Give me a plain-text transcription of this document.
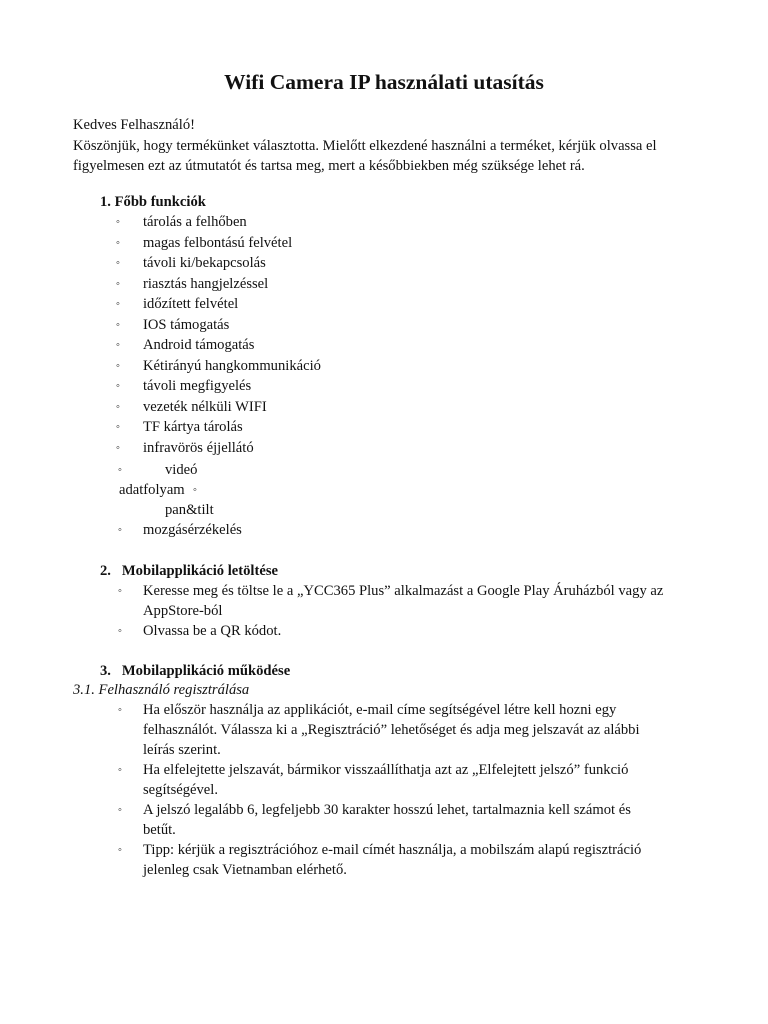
Wifi Camera IP használati utasítás

Kedves Felhasználó!

Köszönjük, hogy termékünket választotta. Mielőtt elkezdené használni a terméket, kérjük olvassa el

figyelmesen ezt az útmutatót és tartsa meg, mert a későbbiekben még szüksége lehet rá.

1. Főbb funkciók
◦ tárolás a felhőben
◦ magas felbontású felvétel
◦ távoli ki/bekapcsolás
◦ riasztás hangjelzéssel
◦ időzített felvétel
◦ IOS támogatás
◦ Android támogatás
◦ Kétirányú hangkommunikáció
◦ távoli megfigyelés
◦ vezeték nélküli WIFI
◦ TF kártya tárolás
◦ infravörös éjjellátó
◦	videó
adatfolyam ◦
pan&tilt
◦ mozgásérzékelés
2. Mobilapplikáció letöltése
◦ Keresse meg és töltse le a „YCC365 Plus” alkalmazást a Google Play Áruházból vagy az
AppStore-ból
◦ Olvassa be a QR kódot.
3. Mobilapplikáció működése
3.1. Felhasználó regisztrálása
◦ Ha először használja az applikációt, e-mail címe segítségével létre kell hozni egy
felhasználót. Válassza ki a „Regisztráció” lehetőséget és adja meg jelszavát az alábbi
leírás szerint.
◦ Ha elfelejtette jelszavát, bármikor visszaállíthatja azt az „Elfelejtett jelszó” funkció
segítségével.
◦ A jelszó legalább 6, legfeljebb 30 karakter hosszú lehet, tartalmaznia kell számot és
betűt.
◦ Tipp: kérjük a regisztrációhoz e-mail címét használja, a mobilszám alapú regisztráció
jelenleg csak Vietnamban elérhető.
